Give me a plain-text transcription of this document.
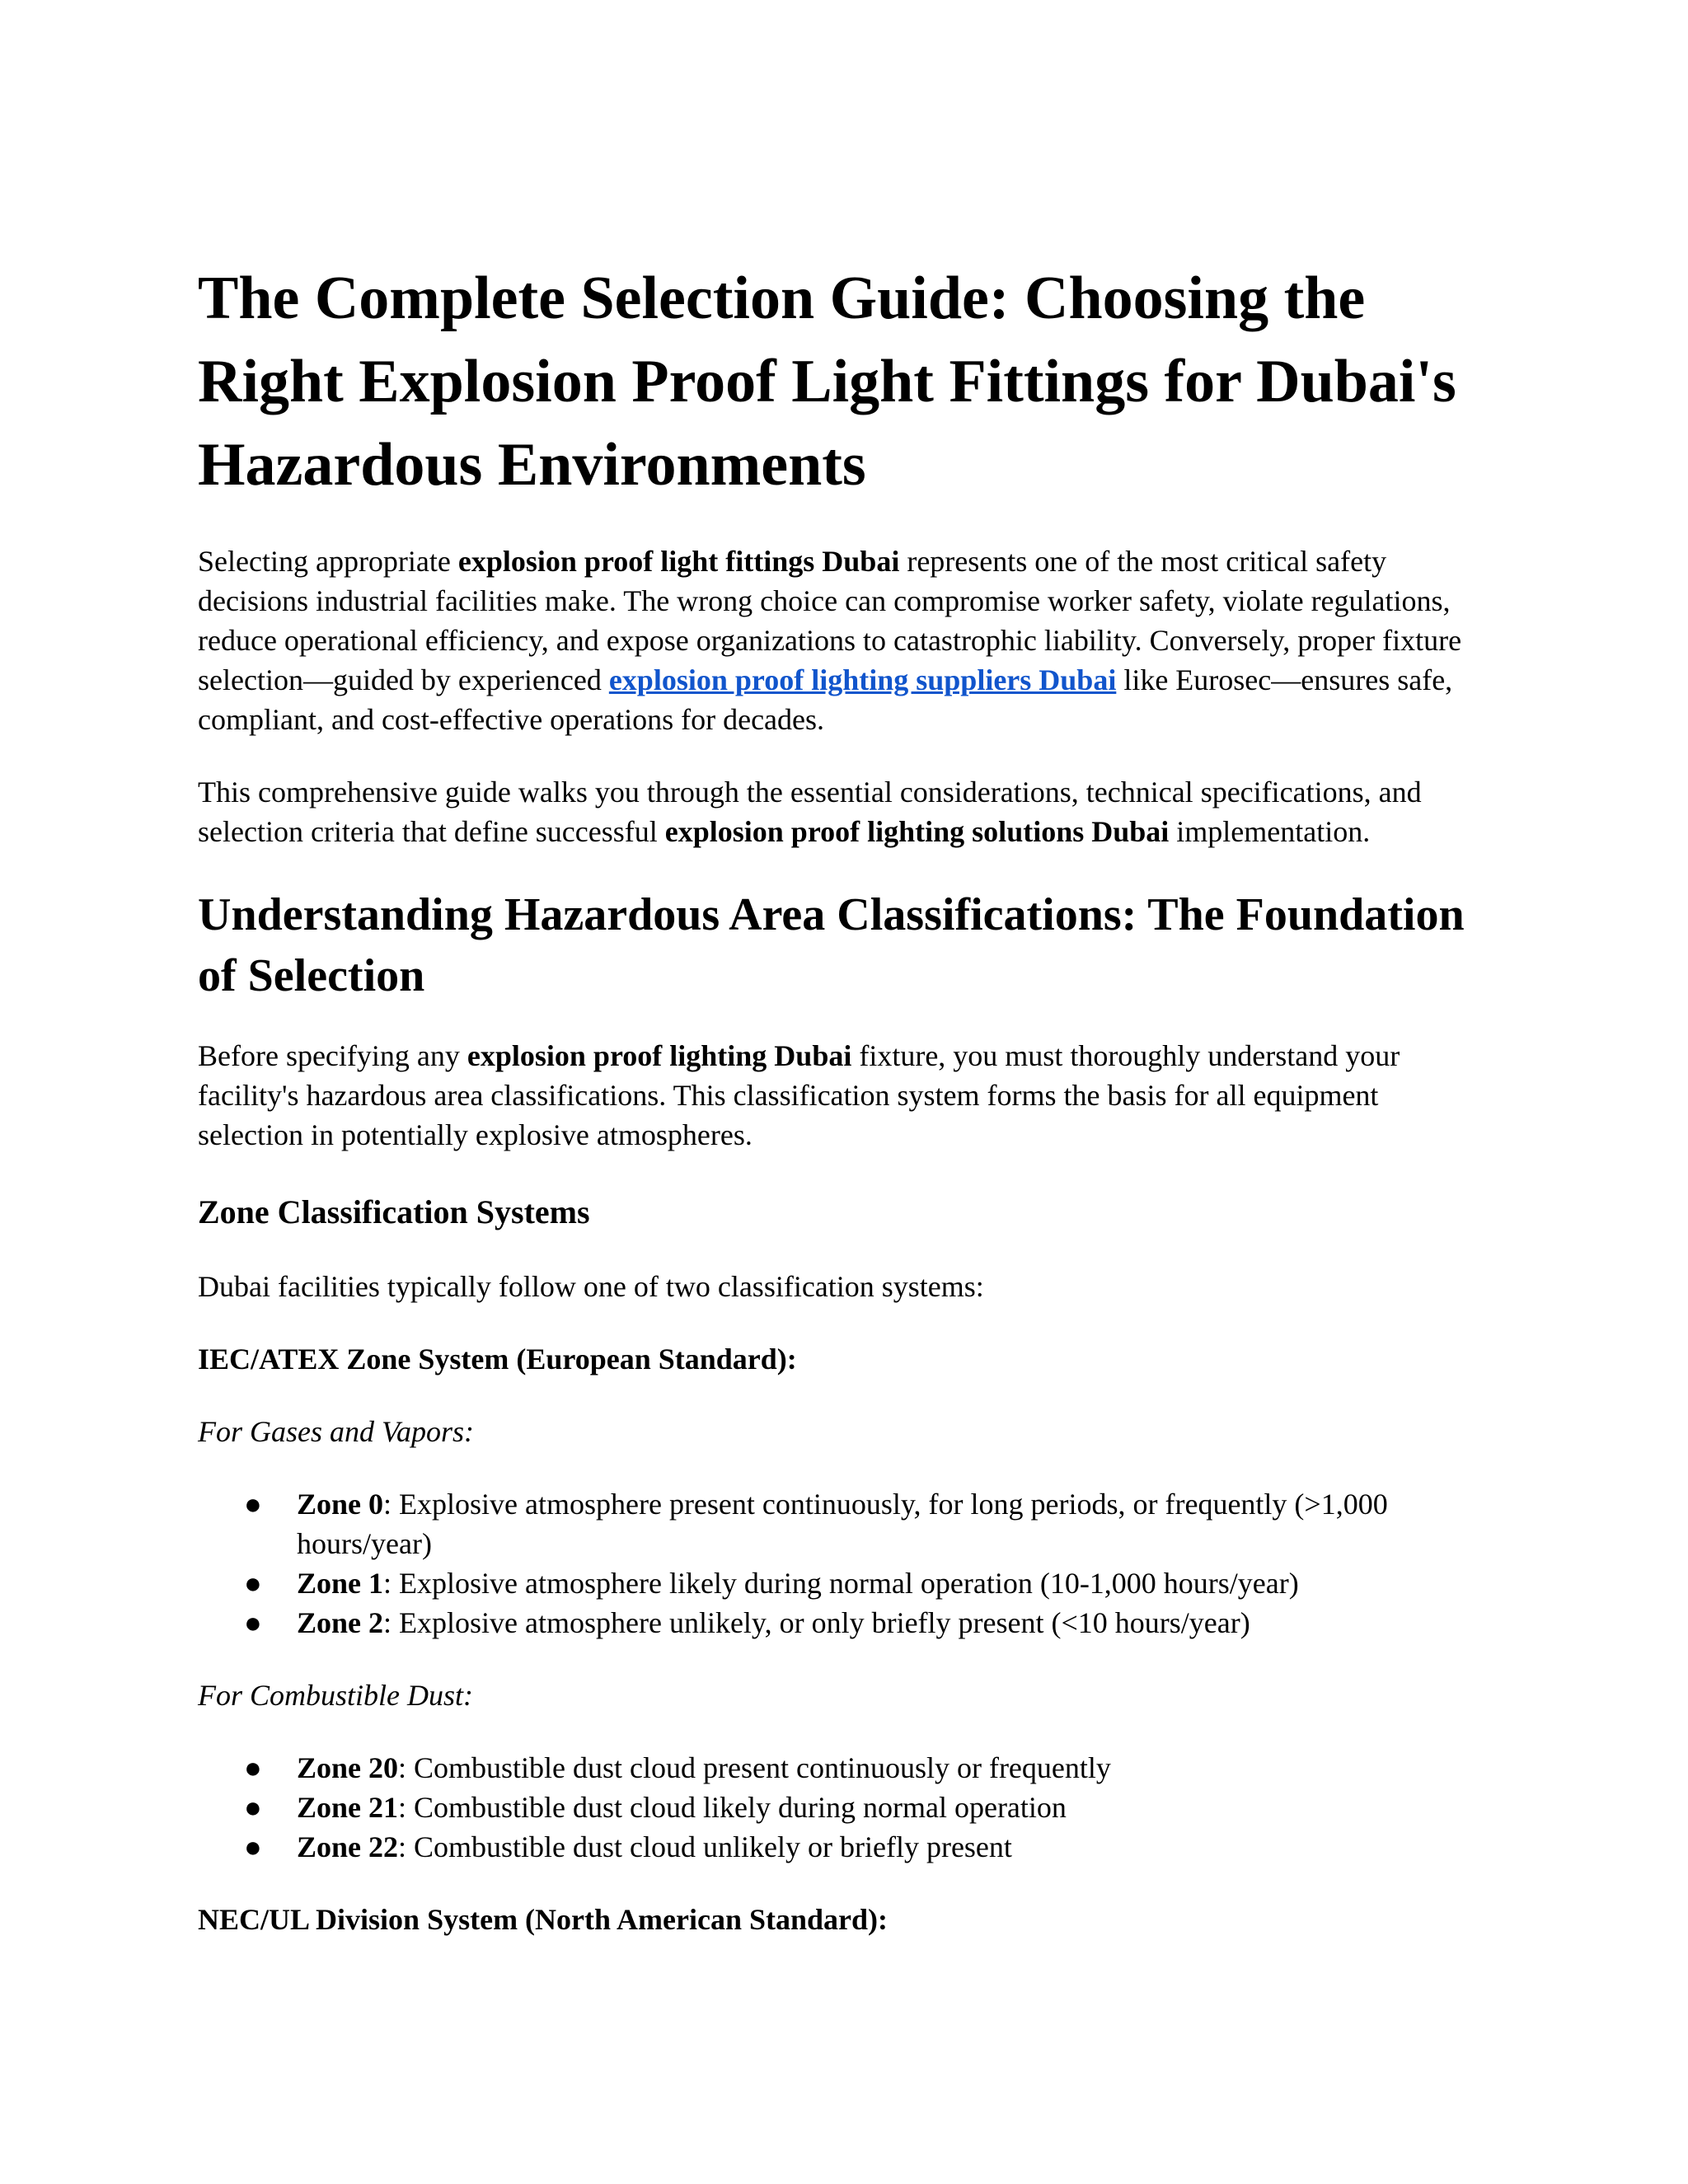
The Complete Selection Guide: Choosing the Right Explosion Proof Light Fittings for Dubai's Hazardous Environments

Selecting appropriate explosion proof light fittings Dubai represents one of the most critical safety decisions industrial facilities make. The wrong choice can compromise worker safety, violate regulations, reduce operational efficiency, and expose organizations to catastrophic liability. Conversely, proper fixture selection—guided by experienced explosion proof lighting suppliers Dubai like Eurosec—ensures safe, compliant, and cost-effective operations for decades.

This comprehensive guide walks you through the essential considerations, technical specifications, and selection criteria that define successful explosion proof lighting solutions Dubai implementation.

Understanding Hazardous Area Classifications: The Foundation of Selection

Before specifying any explosion proof lighting Dubai fixture, you must thoroughly understand your facility's hazardous area classifications. This classification system forms the basis for all equipment selection in potentially explosive atmospheres.

Zone Classification Systems

Dubai facilities typically follow one of two classification systems:

IEC/ATEX Zone System (European Standard):

For Gases and Vapors:

● Zone 0: Explosive atmosphere present continuously, for long periods, or frequently (>1,000 hours/year)
● Zone 1: Explosive atmosphere likely during normal operation (10-1,000 hours/year)
● Zone 2: Explosive atmosphere unlikely, or only briefly present (<10 hours/year)

For Combustible Dust:

● Zone 20: Combustible dust cloud present continuously or frequently
● Zone 21: Combustible dust cloud likely during normal operation
● Zone 22: Combustible dust cloud unlikely or briefly present

NEC/UL Division System (North American Standard):
